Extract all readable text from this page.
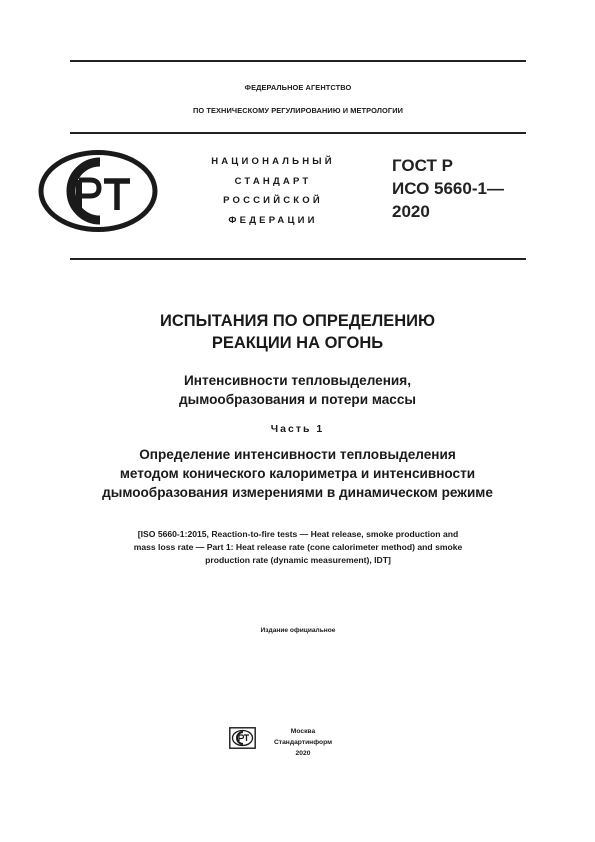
ФЕДЕРАЛЬНОЕ АГЕНТСТВО
ПО ТЕХНИЧЕСКОМУ РЕГУЛИРОВАНИЮ И МЕТРОЛОГИИ
НАЦИОНАЛЬНЫЙ
СТАНДАРТ
РОССИЙСКОЙ
ФЕДЕРАЦИИ
ГОСТ Р
ИСО 5660-1—
2020
ИСПЫТАНИЯ ПО ОПРЕДЕЛЕНИЮ
РЕАКЦИИ НА ОГОНЬ
Интенсивности тепловыделения,
дымообразования и потери массы
Часть 1
Определение интенсивности тепловыделения
методом конического калориметра и интенсивности
дымообразования измерениями в динамическом режиме
[ISO 5660-1:2015, Reaction-to-fire tests — Heat release, smoke production and
mass loss rate — Part 1: Heat release rate (cone calorimeter method) and smoke
production rate (dynamic measurement), IDT]
Издание официальное
Москва
Стандартинформ
2020
